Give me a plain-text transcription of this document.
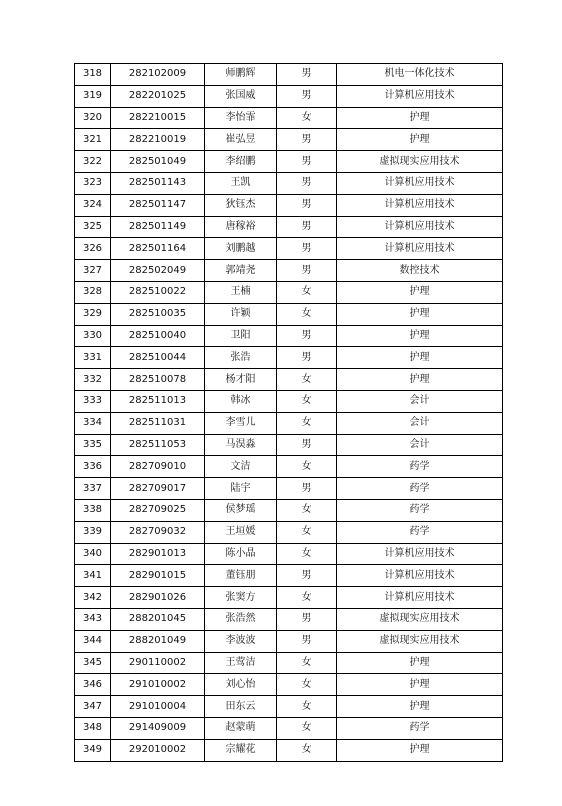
318	282102009	师鹏辉	男	机电一体化技术
319	282201025	张国威	男	计算机应用技术
320	282210015	李怡霏	女	护理
321	282210019	崔弘昱	男	护理
322	282501049	李绍鹏	男	虚拟现实应用技术
323	282501143	王凯	男	计算机应用技术
324	282501147	狄钰杰	男	计算机应用技术
325	282501149	唐稼裕	男	计算机应用技术
326	282501164	刘鹏越	男	计算机应用技术
327	282502049	郭靖尧	男	数控技术
328	282510022	王楠	女	护理
329	282510035	许颖	女	护理
330	282510040	卫阳	男	护理
331	282510044	张浩	男	护理
332	282510078	杨才阳	女	护理
333	282511013	韩冰	女	会计
334	282511031	李雪儿	女	会计
335	282511053	马淏淼	男	会计
336	282709010	文洁	女	药学
337	282709017	陆宇	男	药学
338	282709025	侯梦瑶	女	药学
339	282709032	王垣媛	女	药学
340	282901013	陈小晶	女	计算机应用技术
341	282901015	董钰朋	男	计算机应用技术
342	282901026	张窦方	女	计算机应用技术
343	288201045	张浩然	男	虚拟现实应用技术
344	288201049	李波波	男	虚拟现实应用技术
345	290110002	王莺洁	女	护理
346	291010002	刘心怡	女	护理
347	291010004	田东云	女	护理
348	291409009	赵蒙萌	女	药学
349	292010002	宗耀花	女	护理
